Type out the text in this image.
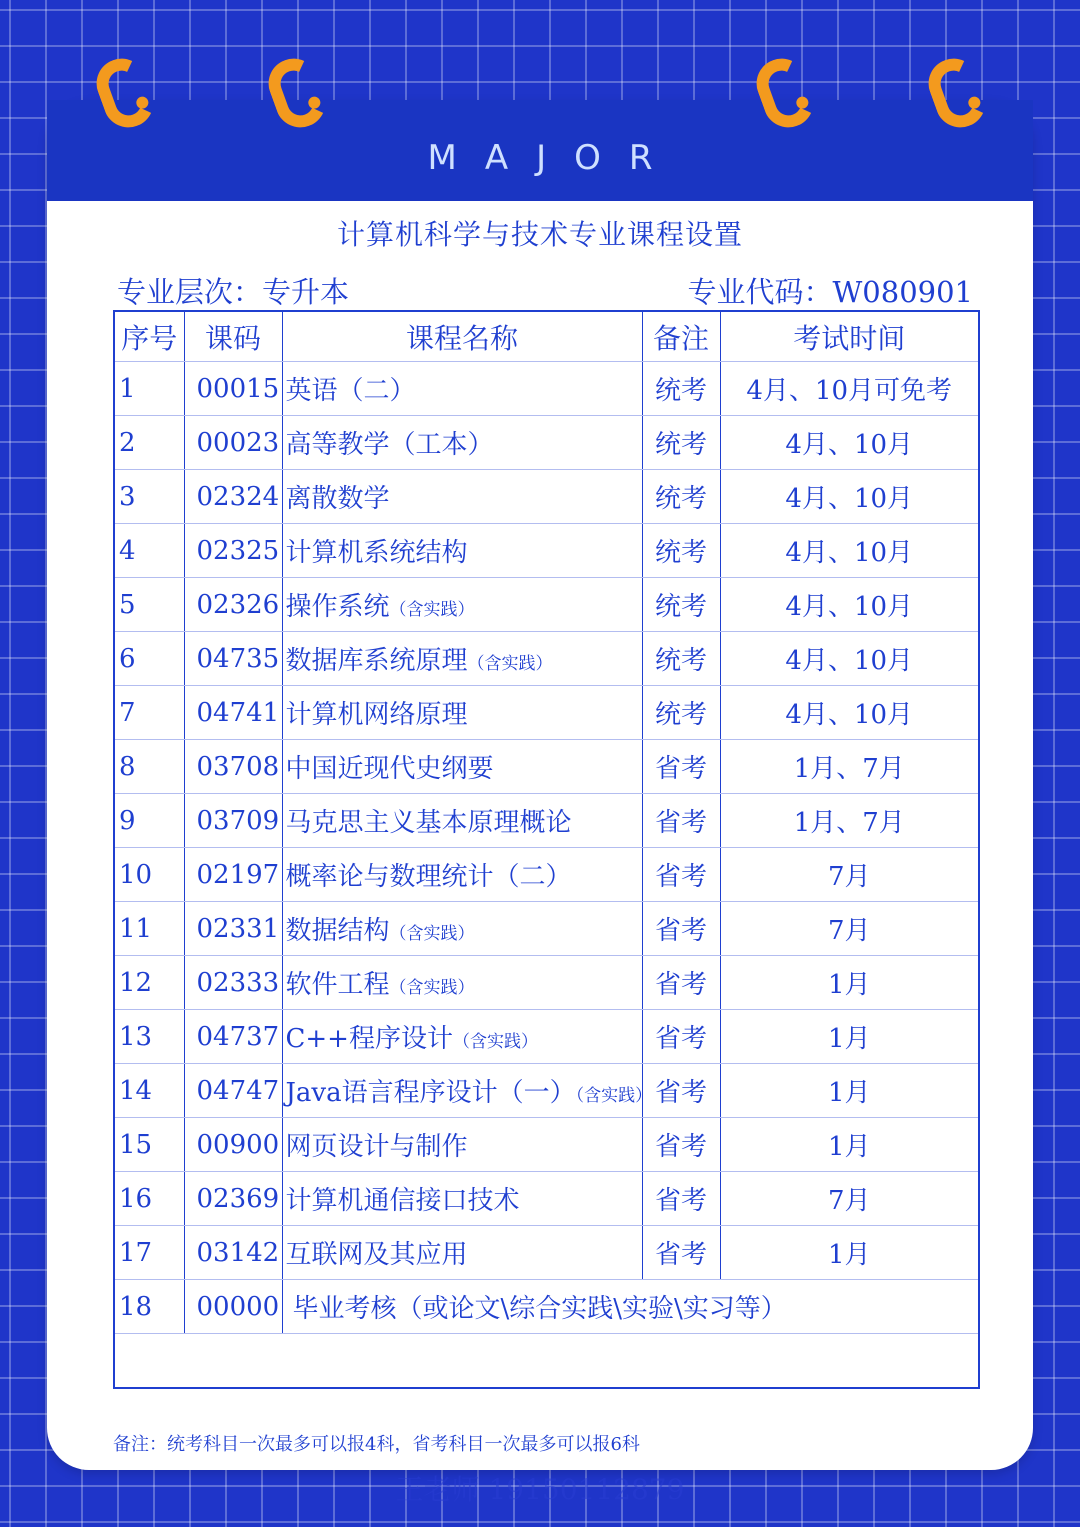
MAJOR
计算机科学与技术专业课程设置
专业层次：专升本	专业代码：W080901
序号	课码	课程名称	备注	考试时间
1	00015	英语（二）	统考	4月、10月可免考
2	00023	高等教学（工本）	统考	4月、10月
3	02324	离散数学	统考	4月、10月
4	02325	计算机系统结构	统考	4月、10月
5	02326	操作系统（含实践）	统考	4月、10月
6	04735	数据库系统原理（含实践）	统考	4月、10月
7	04741	计算机网络原理	统考	4月、10月
8	03708	中国近现代史纲要	省考	1月、7月
9	03709	马克思主义基本原理概论	省考	1月、7月
10	02197	概率论与数理统计（二）	省考	7月
11	02331	数据结构（含实践）	省考	7月
12	02333	软件工程（含实践）	省考	1月
13	04737	C++程序设计（含实践）	省考	1月
14	04747	Java语言程序设计（一）（含实践）	省考	1月
15	00900	网页设计与制作	省考	1月
16	02369	计算机通信接口技术	省考	7月
17	03142	互联网及其应用	省考	1月
18	00000	毕业考核（或论文\综合实践\实验\实习等）		

备注：统考科目一次最多可以报4科，省考科目一次最多可以报6科
王老师 19150112879
